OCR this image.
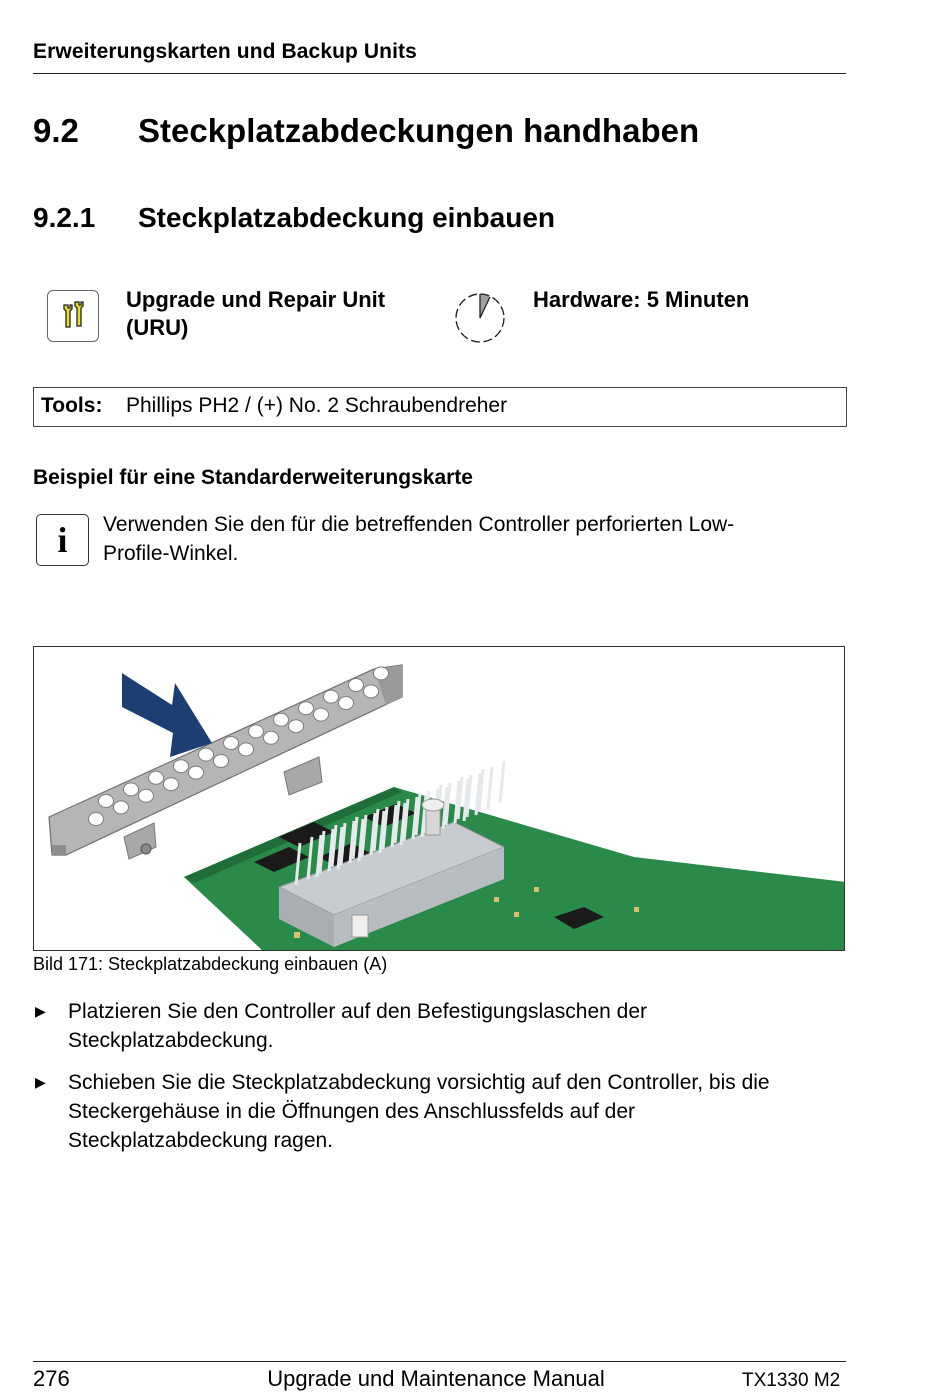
Erweiterungskarten und Backup Units
9.2 Steckplatzabdeckungen handhaben
9.2.1 Steckplatzabdeckung einbauen
Upgrade und Repair Unit
(URU)
Hardware: 5 Minuten
Tools: Phillips PH2 / (+) No. 2 Schraubendreher
Beispiel für eine Standarderweiterungskarte
i	Verwenden Sie den für die betreffenden Controller perforierten Low-
Profile-Winkel.
Bild 171: Steckplatzabdeckung einbauen (A)
▶ Platzieren Sie den Controller auf den Befestigungslaschen der
Steckplatzabdeckung.
▶ Schieben Sie die Steckplatzabdeckung vorsichtig auf den Controller, bis die
Steckergehäuse in die Öffnungen des Anschlussfelds auf der
Steckplatzabdeckung ragen.
276	Upgrade und Maintenance Manual	TX1330 M2
